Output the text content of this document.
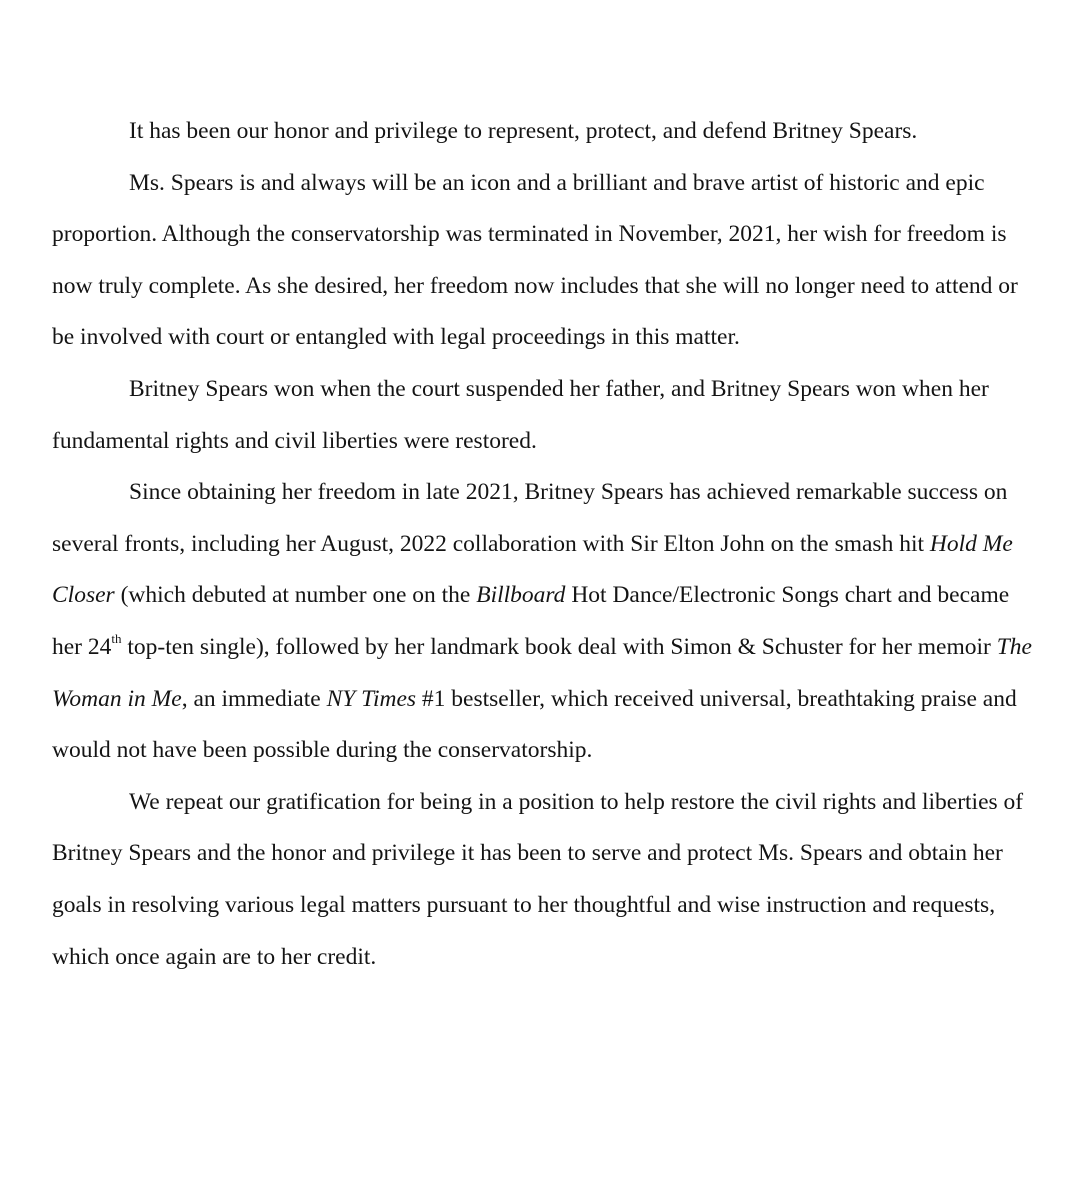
It has been our honor and privilege to represent, protect, and defend Britney Spears.

Ms. Spears is and always will be an icon and a brilliant and brave artist of historic and epic proportion. Although the conservatorship was terminated in November, 2021, her wish for freedom is now truly complete. As she desired, her freedom now includes that she will no longer need to attend or be involved with court or entangled with legal proceedings in this matter.

Britney Spears won when the court suspended her father, and Britney Spears won when her fundamental rights and civil liberties were restored.

Since obtaining her freedom in late 2021, Britney Spears has achieved remarkable success on several fronts, including her August, 2022 collaboration with Sir Elton John on the smash hit Hold Me Closer (which debuted at number one on the Billboard Hot Dance/Electronic Songs chart and became her 24th top-ten single), followed by her landmark book deal with Simon & Schuster for her memoir The Woman in Me, an immediate NY Times #1 bestseller, which received universal, breathtaking praise and would not have been possible during the conservatorship.

We repeat our gratification for being in a position to help restore the civil rights and liberties of Britney Spears and the honor and privilege it has been to serve and protect Ms. Spears and obtain her goals in resolving various legal matters pursuant to her thoughtful and wise instruction and requests, which once again are to her credit.
